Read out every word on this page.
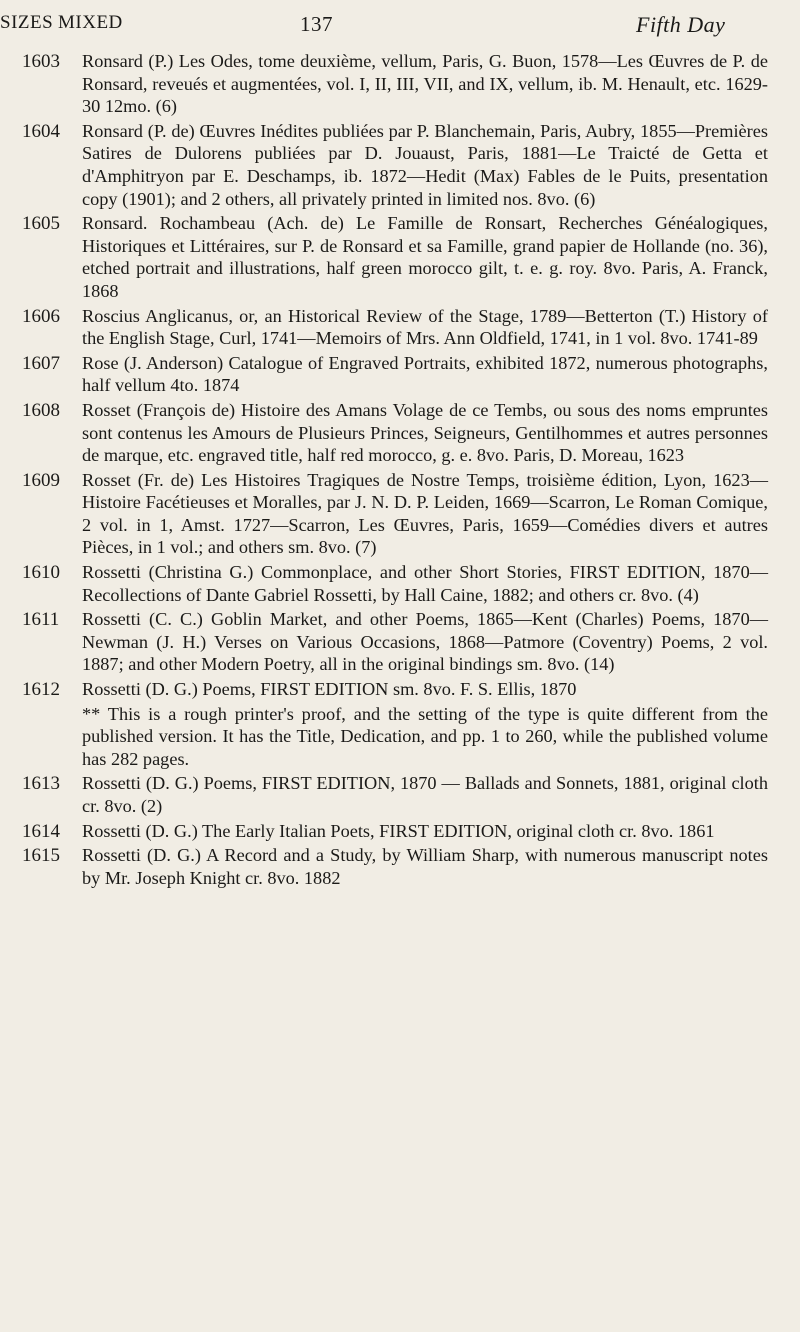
SIZES MIXED	137	Fifth Day
1603 Ronsard (P.) Les Odes, tome deuxième, vellum, Paris, G. Buon, 1578—Les Œuvres de P. de Ronsard, reveués et augmentées, vol. I, II, III, VII, and IX, vellum, ib. M. Henault, etc. 1629-30 12mo. (6)
1604 Ronsard (P. de) Œuvres Inédites publiées par P. Blanchemain, Paris, Aubry, 1855—Premières Satires de Dulorens publiées par D. Jouaust, Paris, 1881—Le Traicté de Getta et d'Amphitryon par E. Deschamps, ib. 1872—Hedit (Max) Fables de le Puits, presentation copy (1901); and 2 others, all privately printed in limited nos. 8vo. (6)
1605 Ronsard. Rochambeau (Ach. de) Le Famille de Ronsart, Recherches Généalogiques, Historiques et Littéraires, sur P. de Ronsard et sa Famille, grand papier de Hollande (no. 36), etched portrait and illustrations, half green morocco gilt, t. e. g. roy. 8vo. Paris, A. Franck, 1868
1606 Roscius Anglicanus, or, an Historical Review of the Stage, 1789—Betterton (T.) History of the English Stage, Curl, 1741—Memoirs of Mrs. Ann Oldfield, 1741, in 1 vol. 8vo. 1741-89
1607 Rose (J. Anderson) Catalogue of Engraved Portraits, exhibited 1872, numerous photographs, half vellum 4to. 1874
1608 Rosset (François de) Histoire des Amans Volage de ce Tembs, ou sous des noms empruntes sont contenus les Amours de Plusieurs Princes, Seigneurs, Gentilhommes et autres personnes de marque, etc. engraved title, half red morocco, g. e. 8vo. Paris, D. Moreau, 1623
1609 Rosset (Fr. de) Les Histoires Tragiques de Nostre Temps, troisième édition, Lyon, 1623—Histoire Facétieuses et Moralles, par J. N. D. P. Leiden, 1669—Scarron, Le Roman Comique, 2 vol. in 1, Amst. 1727—Scarron, Les Œuvres, Paris, 1659—Comédies divers et autres Pièces, in 1 vol.; and others sm. 8vo. (7)
1610 Rossetti (Christina G.) Commonplace, and other Short Stories, FIRST EDITION, 1870—Recollections of Dante Gabriel Rossetti, by Hall Caine, 1882; and others cr. 8vo. (4)
1611 Rossetti (C. C.) Goblin Market, and other Poems, 1865—Kent (Charles) Poems, 1870—Newman (J. H.) Verses on Various Occasions, 1868—Patmore (Coventry) Poems, 2 vol. 1887; and other Modern Poetry, all in the original bindings sm. 8vo. (14)
1612 Rossetti (D. G.) Poems, FIRST EDITION sm. 8vo. F. S. Ellis, 1870
** This is a rough printer's proof, and the setting of the type is quite different from the published version. It has the Title, Dedication, and pp. 1 to 260, while the published volume has 282 pages.
1613 Rossetti (D. G.) Poems, FIRST EDITION, 1870 — Ballads and Sonnets, 1881, original cloth cr. 8vo. (2)
1614 Rossetti (D. G.) The Early Italian Poets, FIRST EDITION, original cloth cr. 8vo. 1861
1615 Rossetti (D. G.) A Record and a Study, by William Sharp, with numerous manuscript notes by Mr. Joseph Knight cr. 8vo. 1882
